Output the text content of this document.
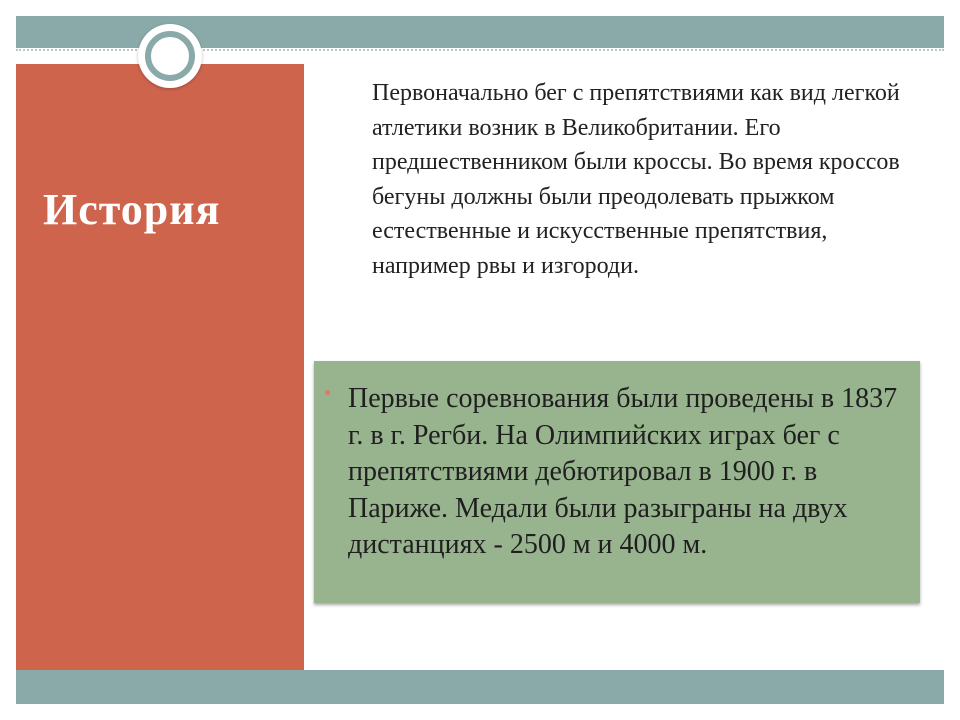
История
Первоначально бег с препятствиями как вид легкой атлетики возник в Великобритании. Его предшественником были кроссы. Во время кроссов бегуны должны были преодолевать прыжком естественные и искусственные препятствия, например рвы и изгороди.
● Первые соревнования были проведены в 1837 г. в г. Регби. На Олимпийских играх бег с препятствиями дебютировал в 1900 г. в Париже. Медали были разыграны на двух дистанциях - 2500 м и 4000 м.
